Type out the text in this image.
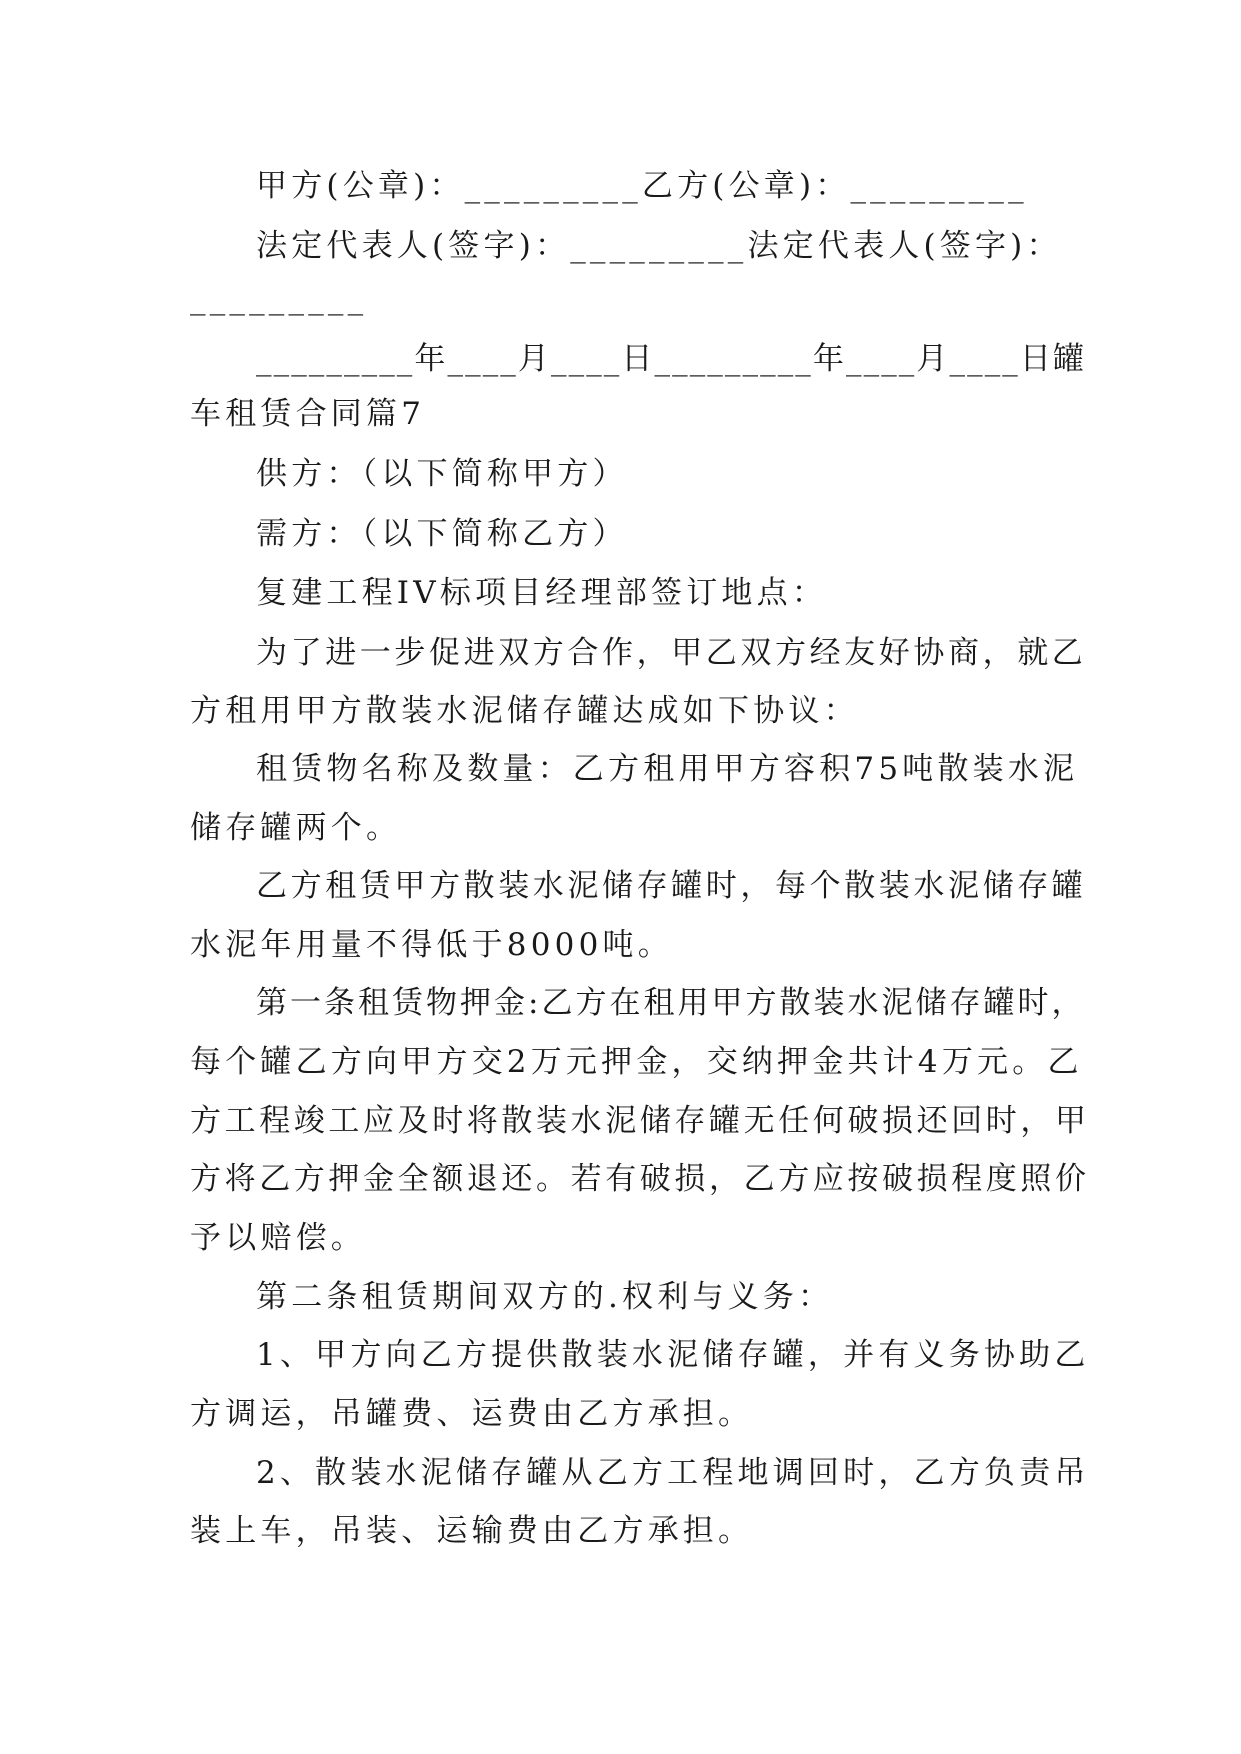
甲方(公章)：_________乙方(公章)：_________
法定代表人(签字)：_________法定代表人(签字)：
_________
_________年____月____日_________年____月____日罐
车租赁合同篇7
供方：（以下简称甲方）
需方：（以下简称乙方）
复建工程IV标项目经理部签订地点：
为了进一步促进双方合作，甲乙双方经友好协商，就乙
方租用甲方散装水泥储存罐达成如下协议：
租赁物名称及数量：乙方租用甲方容积75吨散装水泥
储存罐两个。
乙方租赁甲方散装水泥储存罐时，每个散装水泥储存罐
水泥年用量不得低于8000吨。
第一条租赁物押金:乙方在租用甲方散装水泥储存罐时，
每个罐乙方向甲方交2万元押金，交纳押金共计4万元。乙
方工程竣工应及时将散装水泥储存罐无任何破损还回时，甲
方将乙方押金全额退还。若有破损，乙方应按破损程度照价
予以赔偿。
第二条租赁期间双方的.权利与义务：
1、甲方向乙方提供散装水泥储存罐，并有义务协助乙
方调运，吊罐费、运费由乙方承担。
2、散装水泥储存罐从乙方工程地调回时，乙方负责吊
装上车，吊装、运输费由乙方承担。
